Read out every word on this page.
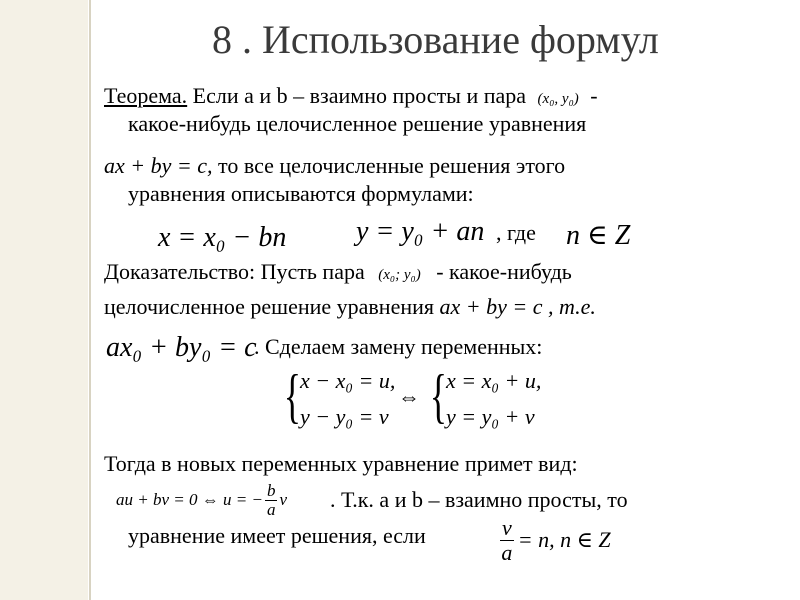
8 . Использование формул
Теорема. Если a и b – взаимно просты и пара (x₀, y₀) -
какое-нибудь целочисленное решение уравнения
ax + by = c, то все целочисленные решения этого
уравнения описываются формулами:
x = x₀ − bn y = y₀ + an , где n ∈ Z
Доказательство: Пусть пара (x₀; y₀) - какое-нибудь
целочисленное решение уравнения ax + by = c , т.е.
ax₀ + by₀ = c
. Сделаем замену переменных:
{
x − x₀ = u,
y − y₀ = v
⇔ {
x = x₀ + u,
y = y₀ + v
Тогда в новых переменных уравнение примет вид:
au + bv = 0 ⇔ u = − $\frac{b}{a}$ v . Т.к. a и b – взаимно просты, то
уравнение имеет решения, если	$\frac{v}{a} = n$, n ∈ Z
